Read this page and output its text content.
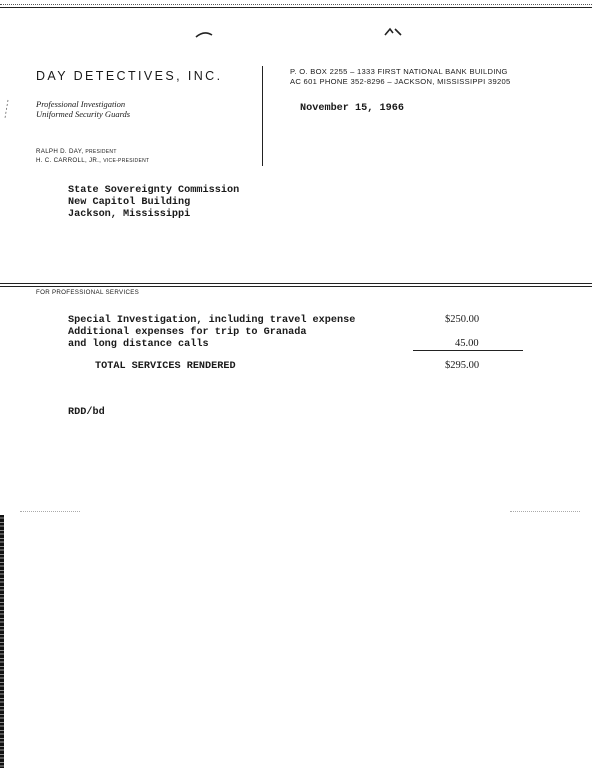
DAY DETECTIVES, INC.
Professional Investigation
Uniformed Security Guards
RALPH D. DAY, PRESIDENT
H. C. CARROLL, JR., VICE-PRESIDENT
P. O. BOX 2255 – 1333 FIRST NATIONAL BANK BUILDING
AC 601 PHONE 352-8296 – JACKSON, MISSISSIPPI 39205
November 15, 1966
State Sovereignty Commission
New Capitol Building
Jackson, Mississippi
FOR PROFESSIONAL SERVICES
Special Investigation, including travel expense	$250.00
Additional expenses for trip to Granada
and long distance calls	45.00
TOTAL SERVICES RENDERED	$295.00
RDD/bd
